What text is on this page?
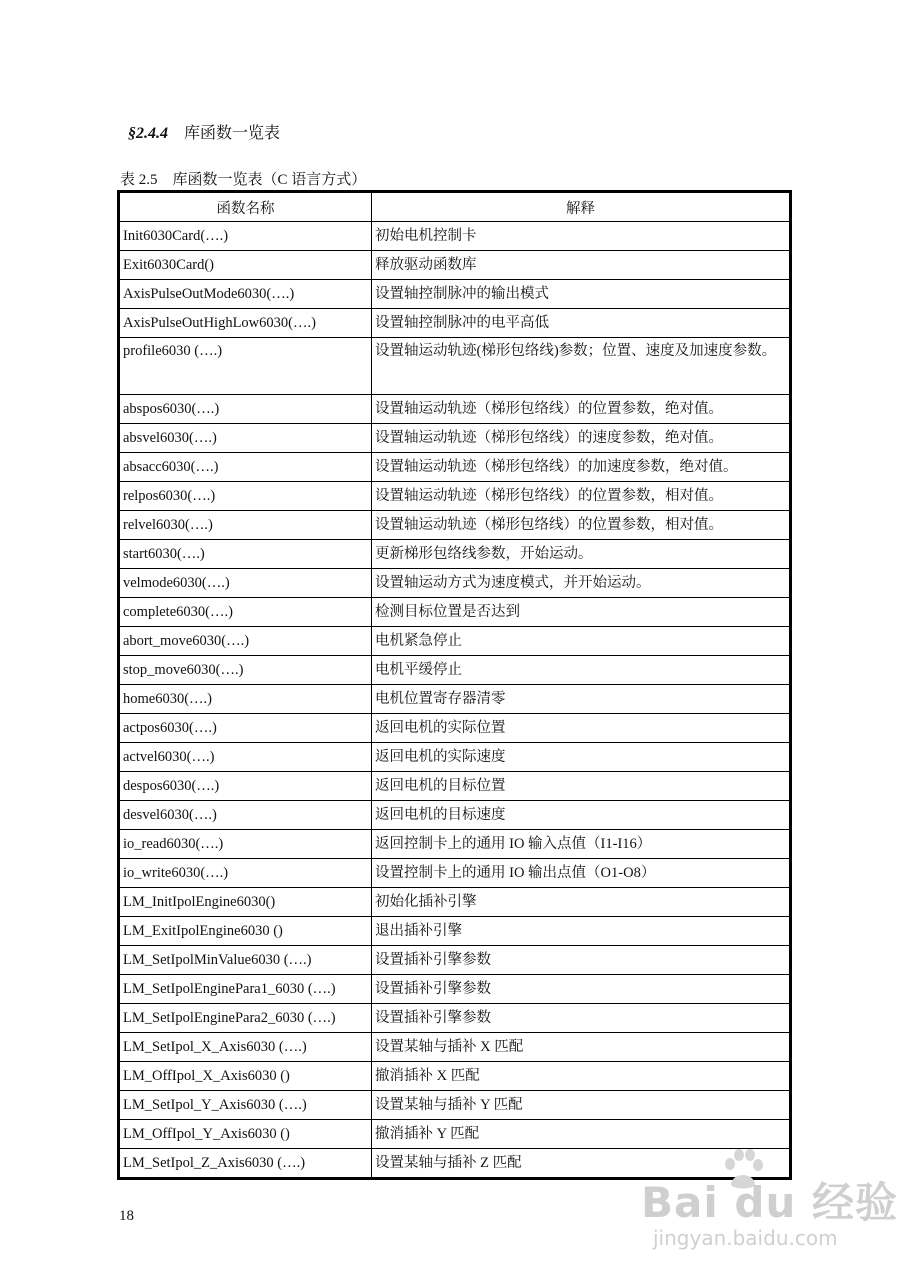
§2.4.4 库函数一览表
表 2.5　库函数一览表（C 语言方式）
函数名称	解释
Init6030Card(….)	初始电机控制卡
Exit6030Card()	释放驱动函数库
AxisPulseOutMode6030(….)	设置轴控制脉冲的输出模式
AxisPulseOutHighLow6030(….)	设置轴控制脉冲的电平高低
profile6030 (….)	设置轴运动轨迹(梯形包络线)参数；位置、速度及加速度参数。
abspos6030(….)	设置轴运动轨迹（梯形包络线）的位置参数，绝对值。
absvel6030(….)	设置轴运动轨迹（梯形包络线）的速度参数，绝对值。
absacc6030(….)	设置轴运动轨迹（梯形包络线）的加速度参数，绝对值。
relpos6030(….)	设置轴运动轨迹（梯形包络线）的位置参数，相对值。
relvel6030(….)	设置轴运动轨迹（梯形包络线）的位置参数，相对值。
start6030(….)	更新梯形包络线参数，开始运动。
velmode6030(….)	设置轴运动方式为速度模式，并开始运动。
complete6030(….)	检测目标位置是否达到
abort_move6030(….)	电机紧急停止
stop_move6030(….)	电机平缓停止
home6030(….)	电机位置寄存器清零
actpos6030(….)	返回电机的实际位置
actvel6030(….)	返回电机的实际速度
despos6030(….)	返回电机的目标位置
desvel6030(….)	返回电机的目标速度
io_read6030(….)	返回控制卡上的通用 IO 输入点值（I1-I16）
io_write6030(….)	设置控制卡上的通用 IO 输出点值（O1-O8）
LM_InitIpolEngine6030()	初始化插补引擎
LM_ExitIpolEngine6030 ()	退出插补引擎
LM_SetIpolMinValue6030 (….)	设置插补引擎参数
LM_SetIpolEnginePara1_6030 (….)	设置插补引擎参数
LM_SetIpolEnginePara2_6030 (….)	设置插补引擎参数
LM_SetIpol_X_Axis6030 (….)	设置某轴与插补 X 匹配
LM_OffIpol_X_Axis6030 ()	撤消插补 X 匹配
LM_SetIpol_Y_Axis6030 (….)	设置某轴与插补 Y 匹配
LM_OffIpol_Y_Axis6030 ()	撤消插补 Y 匹配
LM_SetIpol_Z_Axis6030 (….)	设置某轴与插补 Z 匹配
18	Bai du 经验
jingyan.baidu.com
